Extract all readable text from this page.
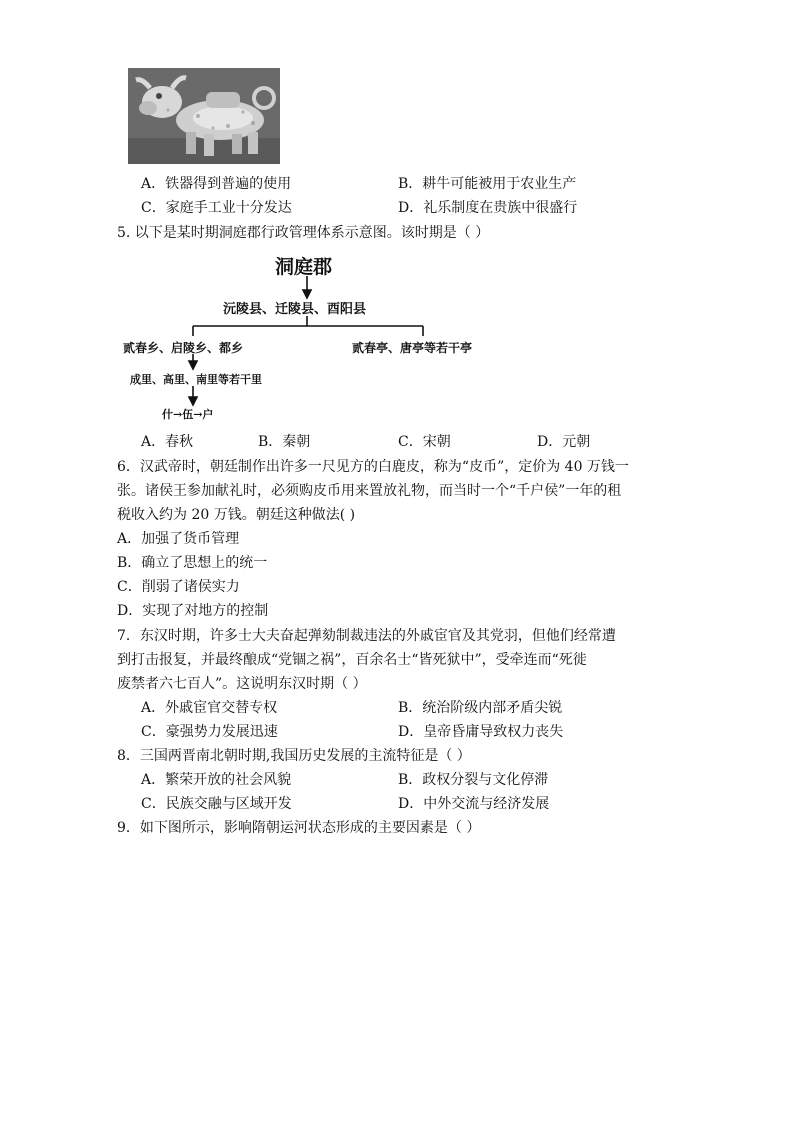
A．铁器得到普遍的使用	B．耕牛可能被用于农业生产
C．家庭手工业十分发达	D．礼乐制度在贵族中很盛行
5. 以下是某时期洞庭郡行政管理体系示意图。该时期是（ ）
洞庭郡
沅陵县、迁陵县、酉阳县
贰春乡、启陵乡、都乡	贰春亭、唐亭等若干亭
成里、高里、南里等若干里
什→伍→户
A．春秋	B．秦朝	C．宋朝	D．元朝
6．汉武帝时，朝廷制作出许多一尺见方的白鹿皮，称为“皮币”，定价为 40 万钱一
张。诸侯王参加献礼时，必须购皮币用来置放礼物，而当时一个“千户侯”一年的租
税收入约为 20 万钱。朝廷这种做法( )
A．加强了货币管理
B．确立了思想上的统一
C．削弱了诸侯实力
D．实现了对地方的控制
7．东汉时期，许多士大夫奋起弹劾制裁违法的外戚宦官及其党羽，但他们经常遭
到打击报复，并最终酿成“党锢之祸”，百余名士“皆死狱中”，受牵连而“死徙
废禁者六七百人”。这说明东汉时期（ ）
A．外戚宦官交替专权	B．统治阶级内部矛盾尖锐
C．豪强势力发展迅速	D．皇帝昏庸导致权力丧失
8．三国两晋南北朝时期,我国历史发展的主流特征是（ ）
A．繁荣开放的社会风貌	B．政权分裂与文化停滞
C．民族交融与区域开发	D．中外交流与经济发展
9．如下图所示，影响隋朝运河状态形成的主要因素是（ ）
